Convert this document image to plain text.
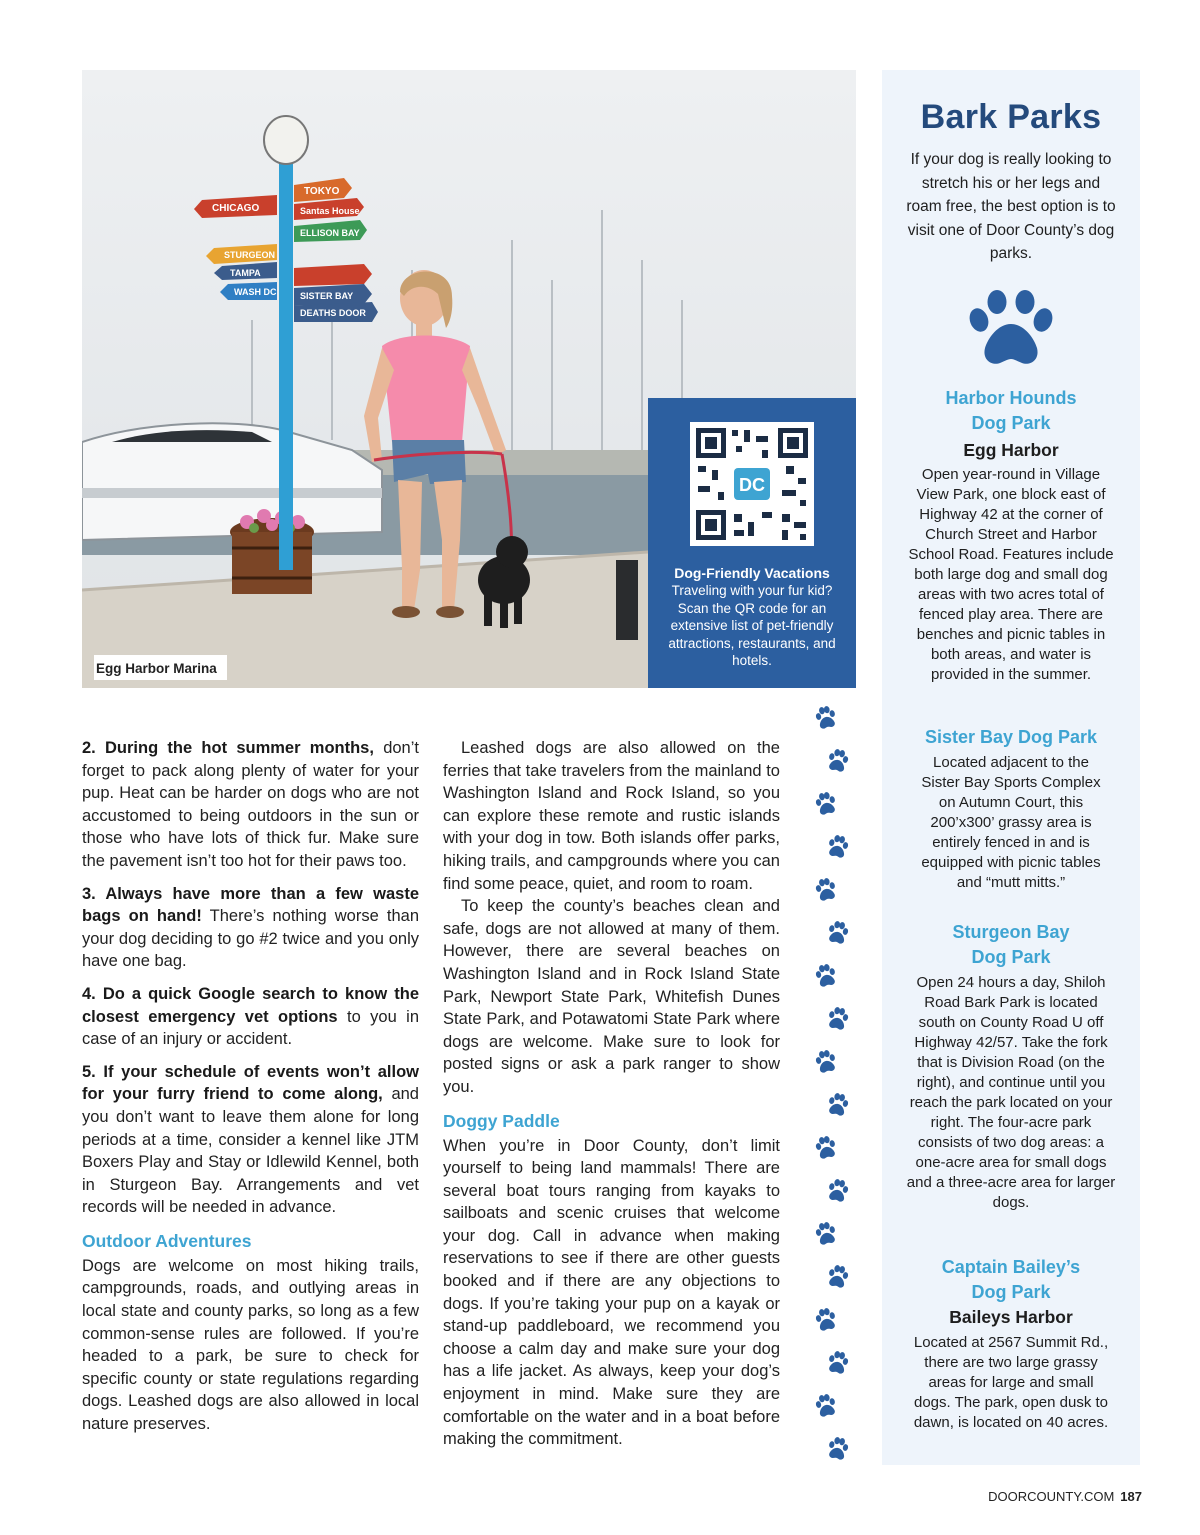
CHICAGO
TOKYO
Santas House
ELLISON BAY
STURGEON
TAMPA
WASH DC	SISTER BAY
DEATHS DOOR
Egg Harbor Marina
DC
Dog-Friendly Vacations
Traveling with your fur kid? Scan the QR code for an extensive list of pet-friendly attractions, restaurants, and hotels.
Bark Parks
If your dog is really looking to stretch his or her legs and roam free, the best option is to visit one of Door County’s dog parks.
Harbor Hounds Dog Park
Egg Harbor
Open year-round in Village View Park, one block east of Highway 42 at the corner of Church Street and Harbor School Road. Features include both large dog and small dog areas with two acres total of fenced play area. There are benches and picnic tables in both areas, and water is provided in the summer.
Sister Bay Dog Park
Located adjacent to the Sister Bay Sports Complex on Autumn Court, this 200’x300’ grassy area is entirely fenced in and is equipped with picnic tables and “mutt mitts.”
Sturgeon Bay Dog Park
Open 24 hours a day, Shiloh Road Bark Park is located south on County Road U off Highway 42/57. Take the fork that is Division Road (on the right), and continue until you reach the park located on your right. The four-acre park consists of two dog areas: a one-acre area for small dogs and a three-acre area for larger dogs.
Captain Bailey’s Dog Park
Baileys Harbor
Located at 2567 Summit Rd., there are two large grassy areas for large and small dogs. The park, open dusk to dawn, is located on 40 acres.

2. During the hot summer months, don’t forget to pack along plenty of water for your pup. Heat can be harder on dogs who are not accustomed to being outdoors in the sun or those who have lots of thick fur. Make sure the pavement isn’t too hot for their paws too.

3. Always have more than a few waste bags on hand! There’s nothing worse than your dog deciding to go #2 twice and you only have one bag.

4. Do a quick Google search to know the closest emergency vet options to you in case of an injury or accident.

5. If your schedule of events won’t allow for your furry friend to come along, and you don’t want to leave them alone for long periods at a time, consider a kennel like JTM Boxers Play and Stay or Idlewild Kennel, both in Sturgeon Bay. Arrangements and vet records will be needed in advance.

Outdoor Adventures

Dogs are welcome on most hiking trails, campgrounds, roads, and outlying areas in local state and county parks, so long as a few common-sense rules are followed. If you’re headed to a park, be sure to check for specific county or state regulations regarding dogs. Leashed dogs are also allowed in local nature preserves.

Leashed dogs are also allowed on the ferries that take travelers from the mainland to Washington Island and Rock Island, so you can explore these remote and rustic islands with your dog in tow. Both islands offer parks, hiking trails, and campgrounds where you can find some peace, quiet, and room to roam.

To keep the county’s beaches clean and safe, dogs are not allowed at many of them. However, there are several beaches on Washington Island and in Rock Island State Park, Newport State Park, Whitefish Dunes State Park, and Potawatomi State Park where dogs are welcome. Make sure to look for posted signs or ask a park ranger to show you.

Doggy Paddle

When you’re in Door County, don’t limit yourself to being land mammals! There are several boat tours ranging from kayaks to sailboats and scenic cruises that welcome your dog. Call in advance when making reservations to see if there are other guests booked and if there are any objections to dogs. If you’re taking your pup on a kayak or stand-up paddleboard, we recommend you choose a calm day and make sure your dog has a life jacket. As always, keep your dog’s enjoyment in mind. Make sure they are comfortable on the water and in a boat before making the commitment.

DOORCOUNTY.COM 187
